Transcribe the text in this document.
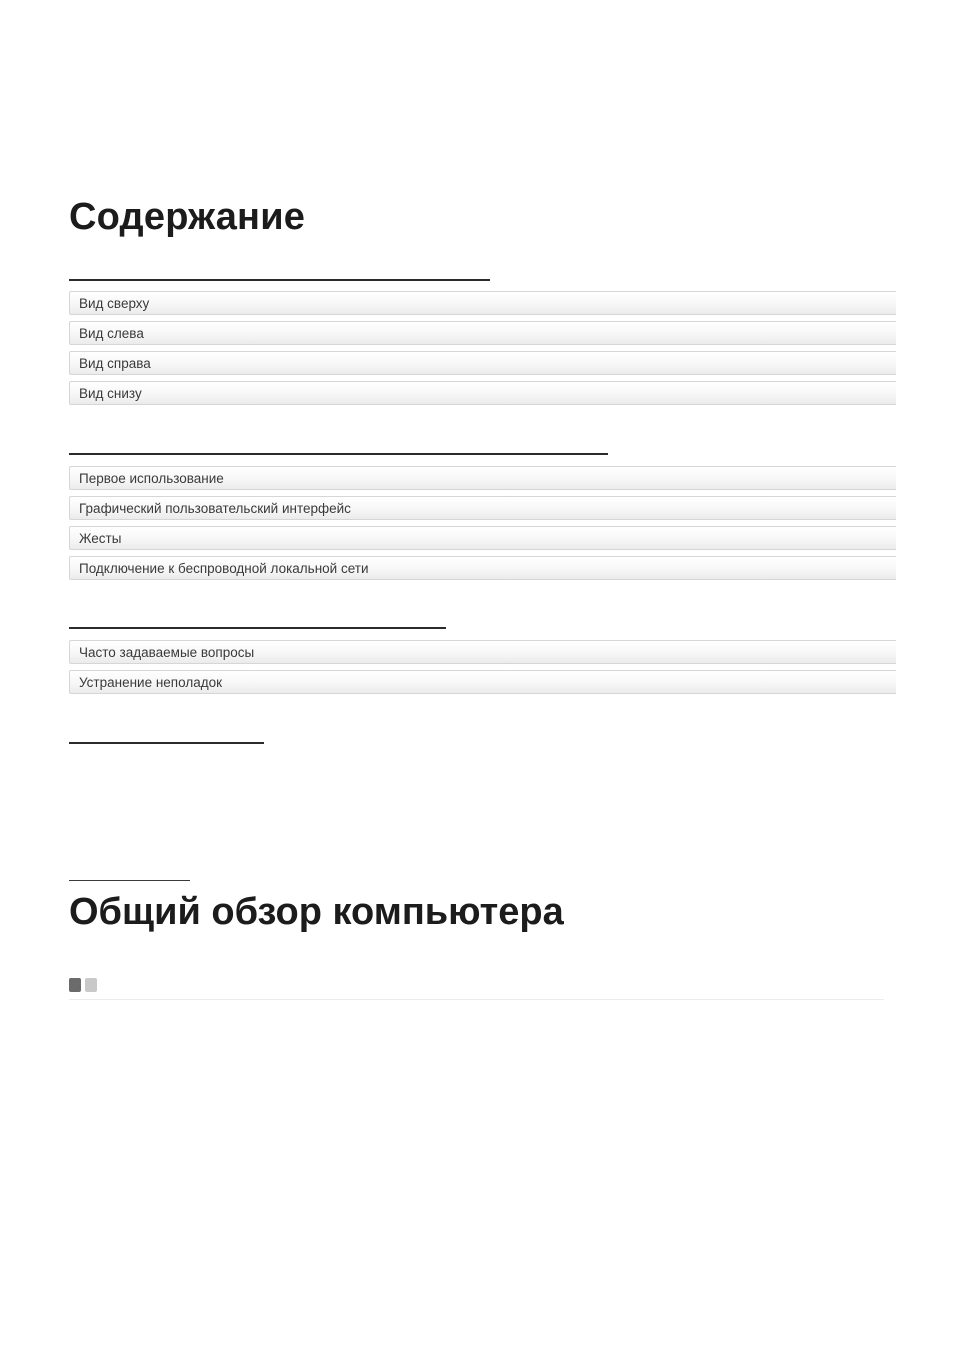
Содержание
Вид сверху
Вид слева
Вид справа
Вид снизу
Первое использование
Графический пользовательский интерфейс
Жесты
Подключение к беспроводной локальной сети
Часто задаваемые вопросы
Устранение неполадок
Общий обзор компьютера
